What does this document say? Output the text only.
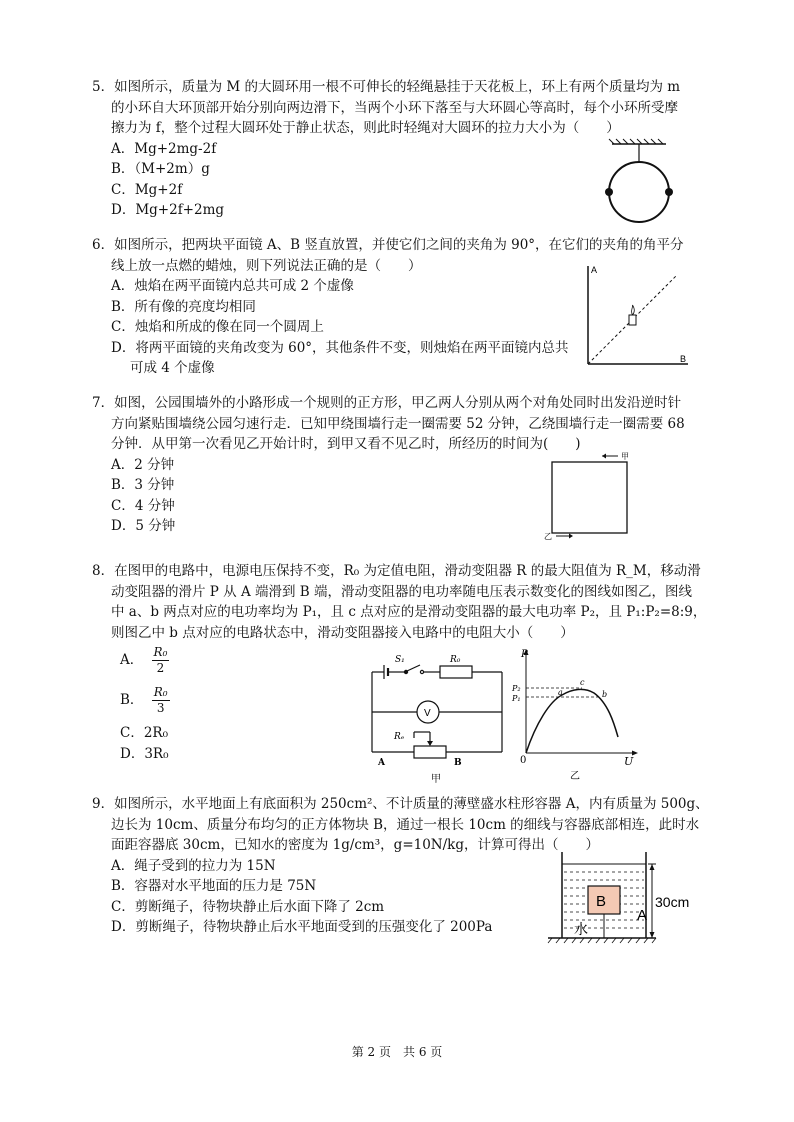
5．如图所示，质量为 M 的大圆环用一根不可伸长的轻绳悬挂于天花板上，环上有两个质量均为 m
的小环自大环顶部开始分别向两边滑下，当两个小环下落至与大环圆心等高时，每个小环所受摩
擦力为 f，整个过程大圆环处于静止状态，则此时轻绳对大圆环的拉力大小为（　　）
A．Mg+2mg-2f
B．（M+2m）g
C．Mg+2f
D．Mg+2f+2mg
6．如图所示，把两块平面镜 A、B 竖直放置，并使它们之间的夹角为 90°，在它们的夹角的角平分
线上放一点燃的蜡烛，则下列说法正确的是（　　）
A．烛焰在两平面镜内总共可成 2 个虚像
B．所有像的亮度均相同
C．烛焰和所成的像在同一个圆周上
D．将两平面镜的夹角改变为 60°，其他条件不变，则烛焰在两平面镜内总共
可成 4 个虚像
A
B
7．如图，公园围墙外的小路形成一个规则的正方形，甲乙两人分别从两个对角处同时出发沿逆时针
方向紧贴围墙绕公园匀速行走．已知甲绕围墙行走一圈需要 52 分钟，乙绕围墙行走一圈需要 68
分钟．从甲第一次看见乙开始计时，到甲又看不见乙时，所经历的时间为(　　)
A．2 分钟
B．3 分钟
C．4 分钟
D．5 分钟
甲
乙
8．在图甲的电路中，电源电压保持不变，R₀ 为定值电阻，滑动变阻器 R 的最大阻值为 R_M，移动滑
动变阻器的滑片 P 从 A 端滑到 B 端，滑动变阻器的电功率随电压表示数变化的图线如图乙，图线
中 a、b 两点对应的电功率均为 P₁，且 c 点对应的是滑动变阻器的最大电功率 P₂，且 P₁:P₂=8:9，
则图乙中 b 点对应的电路状态中，滑动变阻器接入电路中的电阻大小（　　）
A． $\frac{\text{R₀}}{2}$
B． $\frac{\text{R₀}}{3}$
C．2R₀
D．3R₀
S₁	R₀
V
Rₑ
A	B
甲
P
P₂
P₁
a
c
b
0	U
乙
9．如图所示，水平地面上有底面积为 250cm²、不计质量的薄壁盛水柱形容器 A，内有质量为 500g、
边长为 10cm、质量分布均匀的正方体物块 B，通过一根长 10cm 的细线与容器底部相连，此时水
面距容器底 30cm，已知水的密度为 1g/cm³，g=10N/kg，计算可得出（　　）
A．绳子受到的拉力为 15N
B．容器对水平地面的压力是 75N
C．剪断绳子，待物块静止后水面下降了 2cm
D．剪断绳子，待物块静止后水平地面受到的压强变化了 200Pa
B
水
A
30cm
第 2 页　共 6 页
